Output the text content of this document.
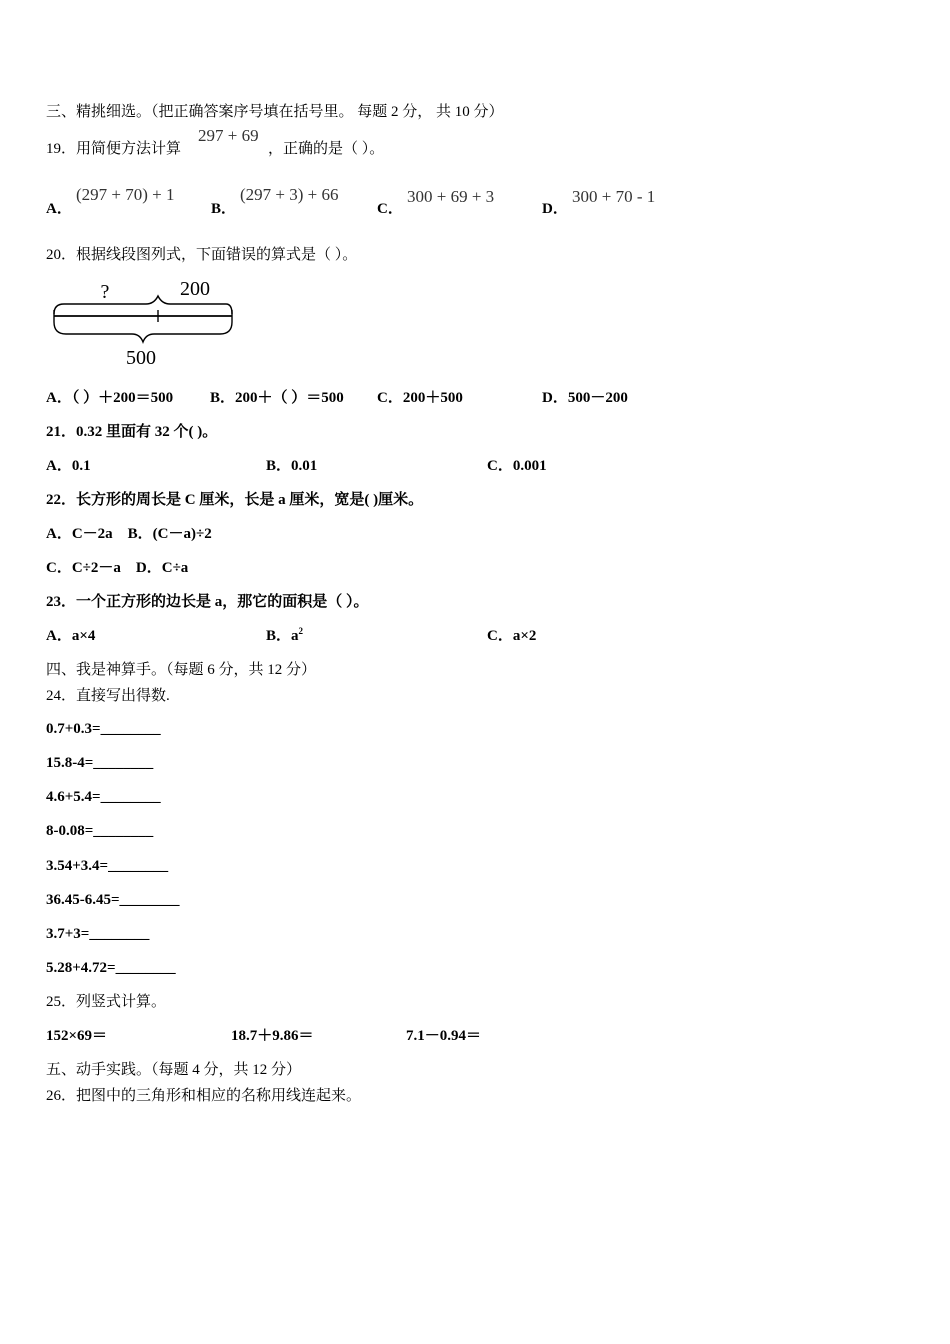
三、精挑细选。（把正确答案序号填在括号里。 每题 2 分， 共 10 分）
19．用简便方法计算
297 + 69
，正确的是（ ）。
A．
(297 + 70) + 1
B．
(297 + 3) + 66
C．
300 + 69 + 3
D．
300 + 70 - 1
20．根据线段图列式，下面错误的算式是（ ）。
?	200
500
A．（ ）＋200＝500 B．200＋（ ）＝500 C．200＋500	D．500－200
21．0.32 里面有 32 个( )。
A．0.1	B．0.01	C．0.001
22．长方形的周长是 C 厘米，长是 a 厘米，宽是( )厘米。
A．C－2a    B．(C－a)÷2
C．C÷2－a    D．C÷a
23．一个正方形的边长是 a，那它的面积是（ ）。
A．a×4	B．$a^2$	C．a×2
四、我是神算手。（每题 6 分，共 12 分）
24．直接写出得数.
0.7+0.3=________
15.8-4=________
4.6+5.4=________
8-0.08=________
3.54+3.4=________
36.45-6.45=________
3.7+3=________
5.28+4.72=________
25．列竖式计算。
152×69＝	18.7＋9.86＝	7.1－0.94＝
五、动手实践。（每题 4 分，共 12 分）
26．把图中的三角形和相应的名称用线连起来。
